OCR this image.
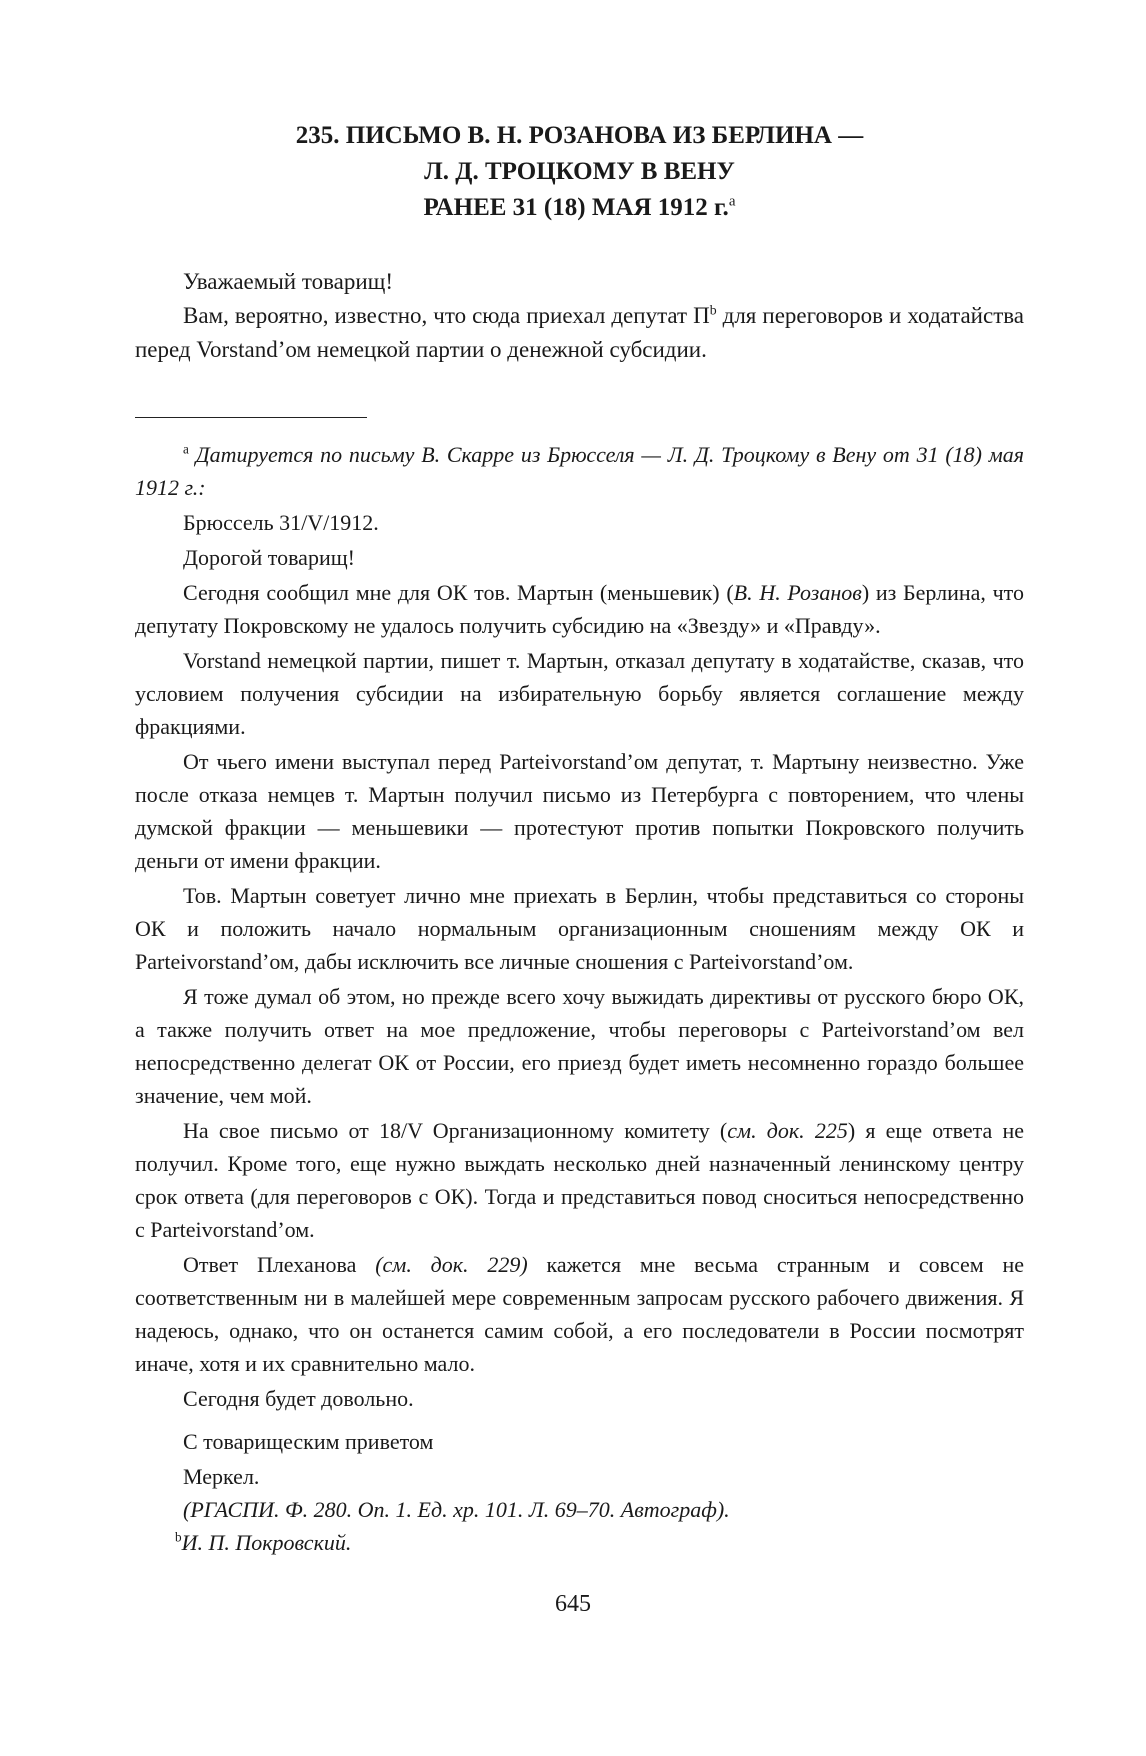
235. ПИСЬМО В. Н. РОЗАНОВА ИЗ БЕРЛИНА —
Л. Д. ТРОЦКОМУ В ВЕНУ
РАНЕЕ 31 (18) МАЯ 1912 г.$^a$

Уважаемый товарищ!

Вам, вероятно, известно, что сюда приехал депутат $П^b$ для переговоров и ходатайства перед Vorstand’ом немецкой партии о денежной субсидии.

$^a$ Датируется по письму В. Скарре из Брюсселя — Л. Д. Троцкому в Вену от 31 (18) мая 1912 г.:

Брюссель 31/V/1912.

Дорогой товарищ!

Сегодня сообщил мне для ОК тов. Мартын (меньшевик) (В. Н. Розанов) из Берлина, что депутату Покровскому не удалось получить субсидию на «Звезду» и «Правду».

Vorstand немецкой партии, пишет т. Мартын, отказал депутату в ходатайстве, сказав, что условием получения субсидии на избирательную борьбу является соглашение между фракциями.

От чьего имени выступал перед Parteivorstand’ом депутат, т. Мартыну неизвестно. Уже после отказа немцев т. Мартын получил письмо из Петербурга с повторением, что члены думской фракции — меньшевики — протестуют против попытки Покровского получить деньги от имени фракции.

Тов. Мартын советует лично мне приехать в Берлин, чтобы представиться со стороны ОК и положить начало нормальным организационным сношениям между ОК и Parteivorstand’ом, дабы исключить все личные сношения с Parteivorstand’ом.

Я тоже думал об этом, но прежде всего хочу выжидать директивы от русского бюро ОК, а также получить ответ на мое предложение, чтобы переговоры с Parteivorstand’ом вел непосредственно делегат ОК от России, его приезд будет иметь несомненно гораздо большее значение, чем мой.

На свое письмо от 18/V Организационному комитету (см. док. 225) я еще ответа не получил. Кроме того, еще нужно выждать несколько дней назначенный ленинскому центру срок ответа (для переговоров с ОК). Тогда и представиться повод сноситься непосредственно с Parteivorstand’ом.

Ответ Плеханова (см. док. 229) кажется мне весьма странным и совсем не соответственным ни в малейшей мере современным запросам русского рабочего движения. Я надеюсь, однако, что он останется самим собой, а его последователи в России посмотрят иначе, хотя и их сравнительно мало.

Сегодня будет довольно.

С товарищеским приветом

Меркел.

(РГАСПИ. Ф. 280. Оп. 1. Ед. хр. 101. Л. 69–70. Автограф).

$^b$И. П. Покровский.

645
